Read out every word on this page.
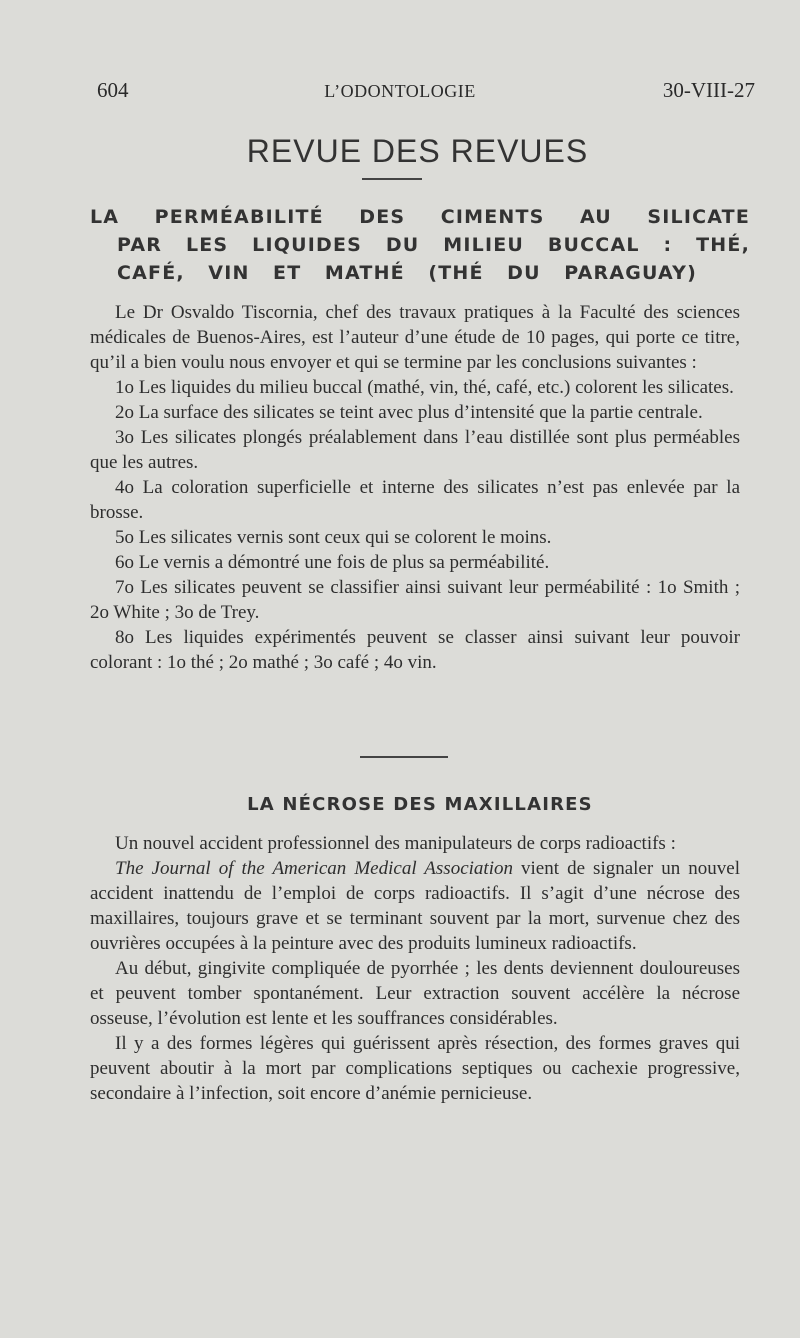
604	L’ODONTOLOGIE	30-VIII-27
REVUE DES REVUES
LA PERMÉABILITÉ DES CIMENTS AU SILICATE
PAR LES LIQUIDES DU MILIEU BUCCAL : THÉ,
CAFÉ, VIN ET MATHÉ (THÉ DU PARAGUAY)

Le Dr Osvaldo Tiscornia, chef des travaux pratiques à la Faculté des sciences médicales de Buenos-Aires, est l’auteur d’une étude de 10 pages, qui porte ce titre, qu’il a bien voulu nous envoyer et qui se termine par les conclusions suivantes :

1o Les liquides du milieu buccal (mathé, vin, thé, café, etc.) colorent les silicates.

2o La surface des silicates se teint avec plus d’intensité que la partie centrale.

3o Les silicates plongés préalablement dans l’eau distillée sont plus perméables que les autres.

4o La coloration superficielle et interne des silicates n’est pas enlevée par la brosse.

5o Les silicates vernis sont ceux qui se colorent le moins.

6o Le vernis a démontré une fois de plus sa perméabilité.

7o Les silicates peuvent se classifier ainsi suivant leur perméabilité : 1o Smith ; 2o White ; 3o de Trey.

8o Les liquides expérimentés peuvent se classer ainsi suivant leur pouvoir colorant : 1o thé ; 2o mathé ; 3o café ; 4o vin.

LA NÉCROSE DES MAXILLAIRES

Un nouvel accident professionnel des manipulateurs de corps radioactifs :

The Journal of the American Medical Association vient de signaler un nouvel accident inattendu de l’emploi de corps radioactifs. Il s’agit d’une nécrose des maxillaires, toujours grave et se terminant souvent par la mort, survenue chez des ouvrières occupées à la peinture avec des produits lumineux radioactifs.

Au début, gingivite compliquée de pyorrhée ; les dents deviennent douloureuses et peuvent tomber spontanément. Leur extraction souvent accélère la nécrose osseuse, l’évolution est lente et les souffrances considérables.

Il y a des formes légères qui guérissent après résection, des formes graves qui peuvent aboutir à la mort par complications septiques ou cachexie progressive, secondaire à l’infection, soit encore d’anémie pernicieuse.
